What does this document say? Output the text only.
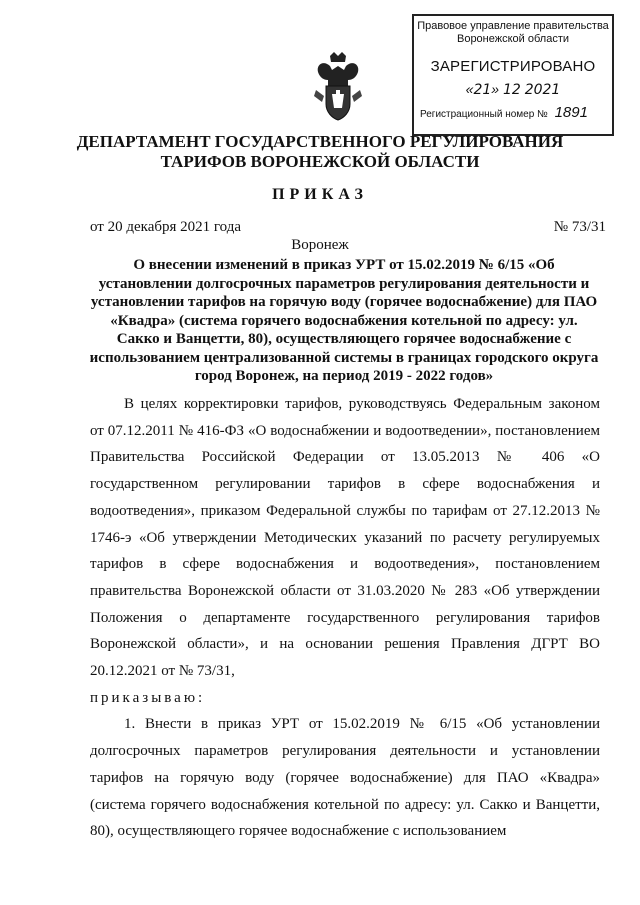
Правовое управление правительства
Воронежской области
ЗАРЕГИСТРИРОВАНО
«21» 12 2021
Регистрационный номер № 1891
ДЕПАРТАМЕНТ ГОСУДАРСТВЕННОГО РЕГУЛИРОВАНИЯ ТАРИФОВ ВОРОНЕЖСКОЙ ОБЛАСТИ
ПРИКАЗ
от 20 декабря 2021 года	№ 73/31
Воронеж
О внесении изменений в приказ УРТ от 15.02.2019 № 6/15 «Об установлении долгосрочных параметров регулирования деятельности и установлении тарифов на горячую воду (горячее водоснабжение) для ПАО «Квадра» (система горячего водоснабжения котельной по адресу: ул. Сакко и Ванцетти, 80), осуществляющего горячее водоснабжение с использованием централизованной системы в границах городского округа город Воронеж, на период 2019 - 2022 годов»

В целях корректировки тарифов, руководствуясь Федеральным законом от 07.12.2011 № 416-ФЗ «О водоснабжении и водоотведении», постановлением Правительства Российской Федерации от 13.05.2013 № 406 «О государственном регулировании тарифов в сфере водоснабжения и водоотведения», приказом Федеральной службы по тарифам от 27.12.2013 № 1746-э «Об утверждении Методических указаний по расчету регулируемых тарифов в сфере водоснабжения и водоотведения», постановлением правительства Воронежской области от 31.03.2020 № 283 «Об утверждении Положения о департаменте государственного регулирования тарифов Воронежской области», и на основании решения Правления ДГРТ ВО 20.12.2021 от № 73/31,

приказываю:

1. Внести в приказ УРТ от 15.02.2019 № 6/15 «Об установлении долгосрочных параметров регулирования деятельности и установлении тарифов на горячую воду (горячее водоснабжение) для ПАО «Квадра» (система горячего водоснабжения котельной по адресу: ул. Сакко и Ванцетти, 80), осуществляющего горячее водоснабжение с использованием
